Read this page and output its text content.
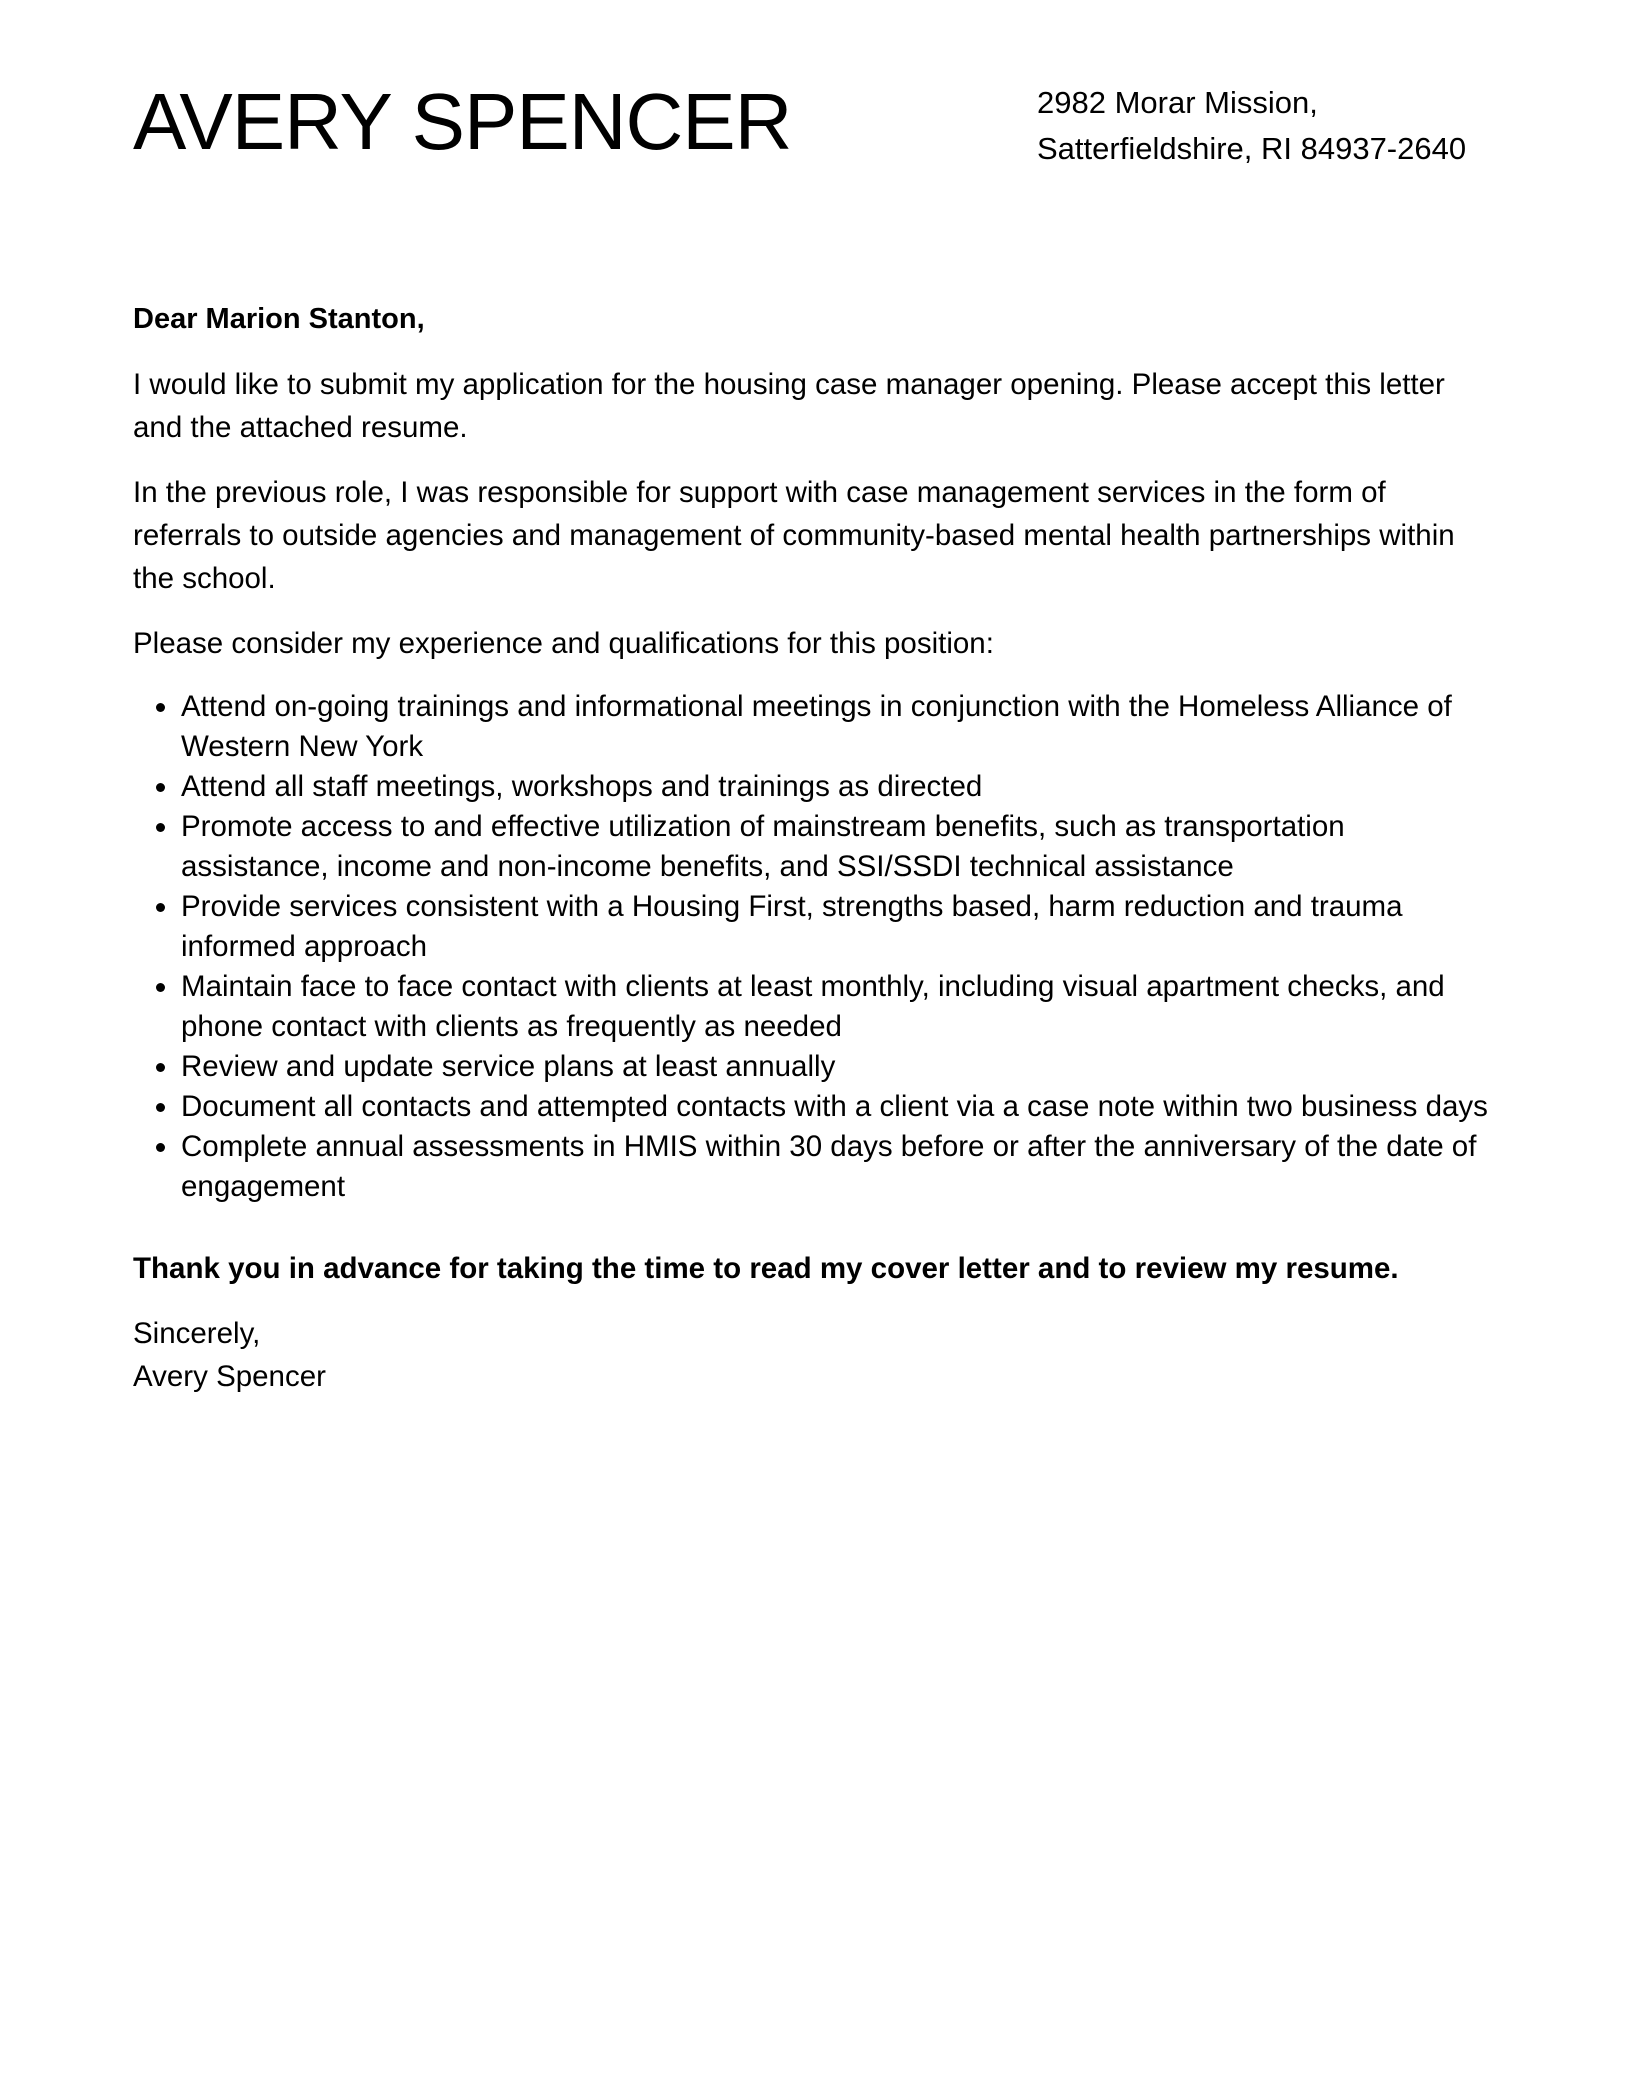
AVERY SPENCER	2982 Morar Mission,
Satterfieldshire, RI 84937-2640

Dear Marion Stanton,

I would like to submit my application for the housing case manager opening. Please accept this letter and the attached resume.

In the previous role, I was responsible for support with case management services in the form of referrals to outside agencies and management of community-based mental health partnerships within the school.

Please consider my experience and qualifications for this position:

Attend on-going trainings and informational meetings in conjunction with the Homeless Alliance of Western New York
Attend all staff meetings, workshops and trainings as directed
Promote access to and effective utilization of mainstream benefits, such as transportation assistance, income and non-income benefits, and SSI/SSDI technical assistance
Provide services consistent with a Housing First, strengths based, harm reduction and trauma informed approach
Maintain face to face contact with clients at least monthly, including visual apartment checks, and phone contact with clients as frequently as needed
Review and update service plans at least annually
Document all contacts and attempted contacts with a client via a case note within two business days
Complete annual assessments in HMIS within 30 days before or after the anniversary of the date of engagement

Thank you in advance for taking the time to read my cover letter and to review my resume.

Sincerely,
Avery Spencer
